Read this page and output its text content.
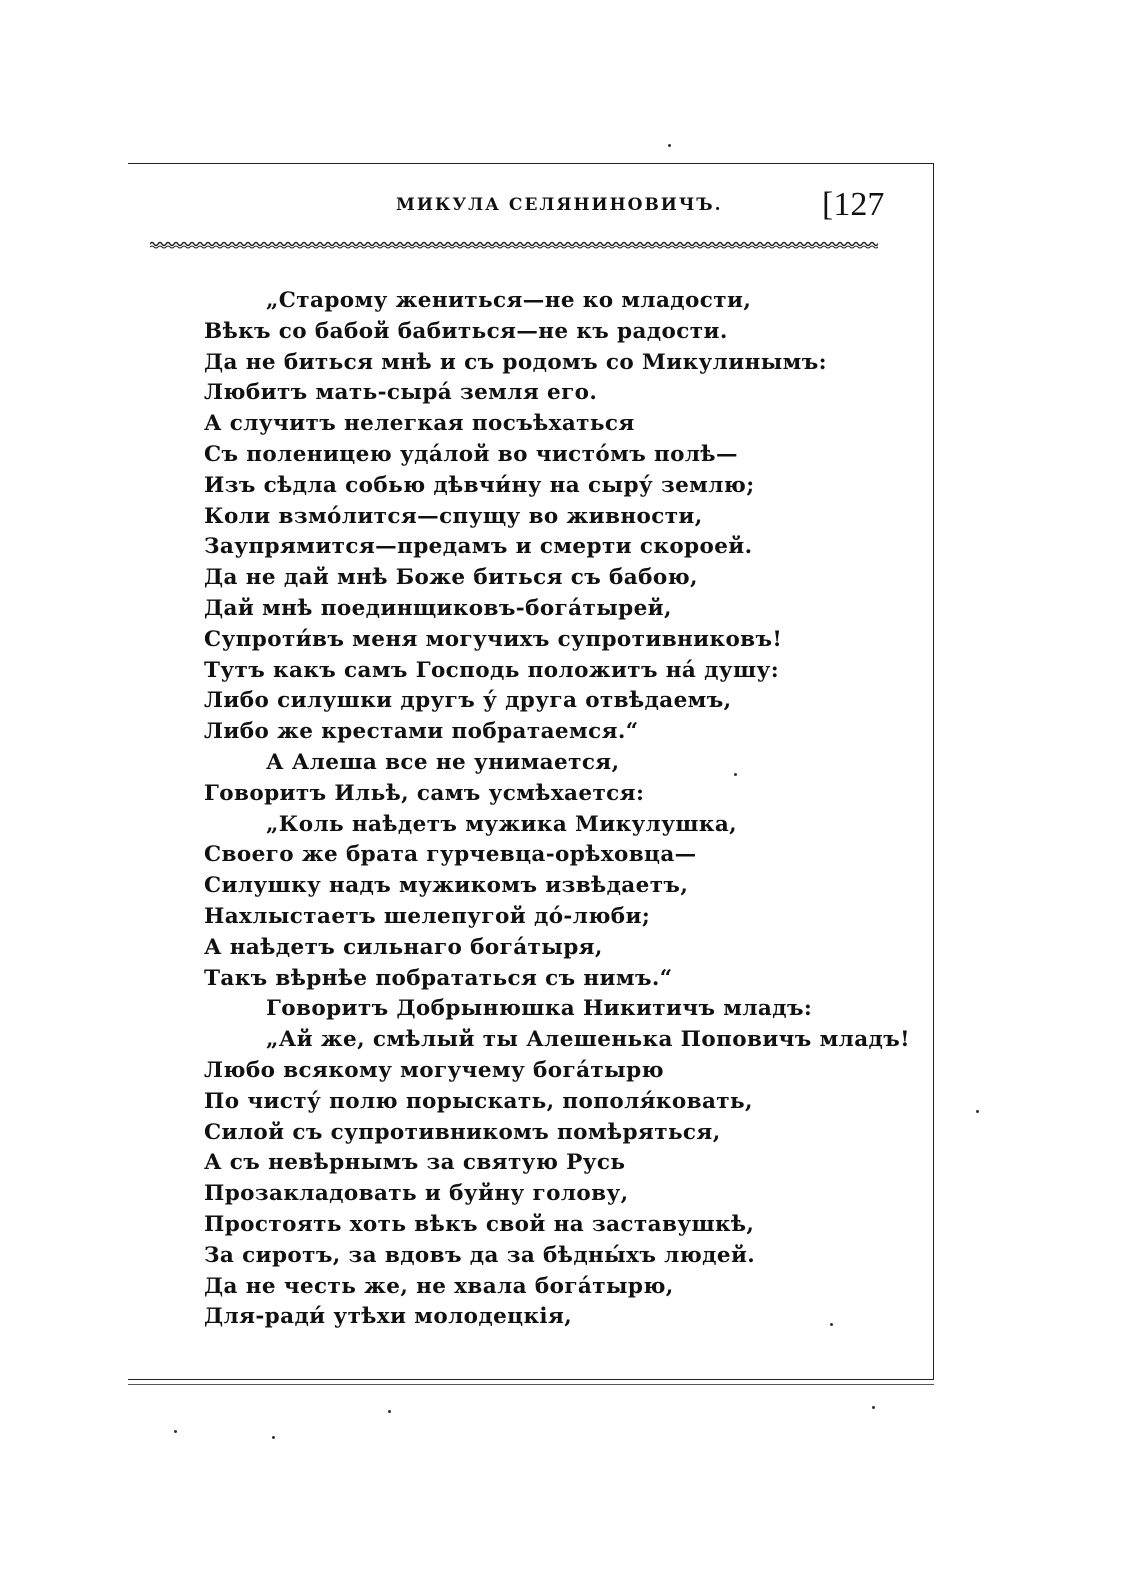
МИКУЛА СЕЛЯНИНОВИЧЪ.	[127
„Старому жениться—не ко младости,
Вѣкъ со бабой бабиться—не къ радости.
Да не биться мнѣ и съ родомъ со Микулинымъ:
Любитъ мать-сыра́ земля его.
А случитъ нелегкая посъѣхаться
Съ поленицею уда́лой во чисто́мъ полѣ—
Изъ сѣдла собью дѣвчи́ну на сыру́ землю;
Коли взмо́лится—спущу во живности,
Заупрямится—предамъ и смерти скороей.
Да не дай мнѣ Боже биться съ бабою,
Дай мнѣ поединщиковъ-бога́тырей,
Супроти́въ меня могучихъ супротивниковъ!
Тутъ какъ самъ Господь положитъ на́ душу:
Либо силушки другъ у́ друга отвѣдаемъ,
Либо же крестами побратаемся.“
А Алеша все не унимается,
Говоритъ Ильѣ, самъ усмѣхается:
„Коль наѣдетъ мужика Микулушка,
Своего же брата гурчевца-орѣховца—
Силушку надъ мужикомъ извѣдаетъ,
Нахлыстаетъ шелепугой до́-люби;
А наѣдетъ сильнаго бога́тыря,
Такъ вѣрнѣе побрататься съ нимъ.“
Говоритъ Добрынюшка Никитичъ младъ:
„Ай же, смѣлый ты Алешенька Поповичъ младъ!
Любо всякому могучему бога́тырю
По чисту́ полю порыскать, пополя́ковать,
Силой съ супротивникомъ помѣряться,
А съ невѣрнымъ за святую Русь
Прозакладовать и буйну голову,
Простоять хоть вѣкъ свой на заставушкѣ,
За сиротъ, за вдовъ да за бѣдны́хъ людей.
Да не честь же, не хвала бога́тырю,
Для-ради́ утѣхи молодецкія,
